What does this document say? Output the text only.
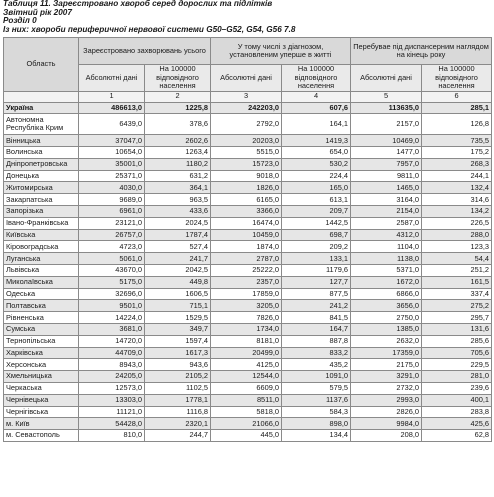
Таблиця 11. Зареєстровано хвороб серед дорослих та підлітків
Звітний рік 2007
Розділ 0
Із них: хвороби периферичної нервової системи G50–G52, G54, G56 7.8
Область	Зареєстровано захворювань усього		У тому числі з діагнозом, установленим уперше в житті		Перебувае під диспансерним наглядом на кінець року	
	Абсолютні дані	На 100000 відповідного населення	Абсолютні дані	На 100000 відповідного населення	Абсолютні дані	На 100000 відповідного населення
	1	2	3	4	5	6
Україна	486613,0	1225,8	242203,0	607,6	113635,0	285,1
Автономна Республіка Крим	6439,0	378,6	2792,0	164,1	2157,0	126,8
Вінницька	37047,0	2602,6	20203,0	1419,3	10469,0	735,5
Волинська	10654,0	1263,4	5515,0	654,0	1477,0	175,2
Дніпропетровська	35001,0	1180,2	15723,0	530,2	7957,0	268,3
Донецька	25371,0	631,2	9018,0	224,4	9811,0	244,1
Житомирська	4030,0	364,1	1826,0	165,0	1465,0	132,4
Закарпатська	9689,0	963,5	6165,0	613,1	3164,0	314,6
Запорізька	6961,0	433,6	3366,0	209,7	2154,0	134,2
Івано-Франківська	23121,0	2024,5	16474,0	1442,5	2587,0	226,5
Київська	26757,0	1787,4	10459,0	698,7	4312,0	288,0
Кіровоградська	4723,0	527,4	1874,0	209,2	1104,0	123,3
Луганська	5061,0	241,7	2787,0	133,1	1138,0	54,4
Львівська	43670,0	2042,5	25222,0	1179,6	5371,0	251,2
Миколаївська	5175,0	449,8	2357,0	127,7	1672,0	161,5
Одеська	32696,0	1606,5	17859,0	877,5	6866,0	337,4
Полтавська	9501,0	715,1	3205,0	241,2	3656,0	275,2
Рівненська	14224,0	1529,5	7826,0	841,5	2750,0	295,7
Сумська	3681,0	349,7	1734,0	164,7	1385,0	131,6
Тернопільська	14720,0	1597,4	8181,0	887,8	2632,0	285,6
Харківська	44709,0	1617,3	20499,0	833,2	17359,0	705,6
Херсонська	8943,0	943,6	4125,0	435,2	2175,0	229,5
Хмельницька	24205,0	2105,2	12544,0	1091,0	3291,0	281,0
Черкаська	12573,0	1102,5	6609,0	579,5	2732,0	239,6
Чернівецька	13303,0	1778,1	8511,0	1137,6	2993,0	400,1
Чернігівська	11121,0	1116,8	5818,0	584,3	2826,0	283,8
м. Київ	54428,0	2320,1	21066,0	898,0	9984,0	425,6
м. Севастополь	810,0	244,7	445,0	134,4	208,0	62,8
